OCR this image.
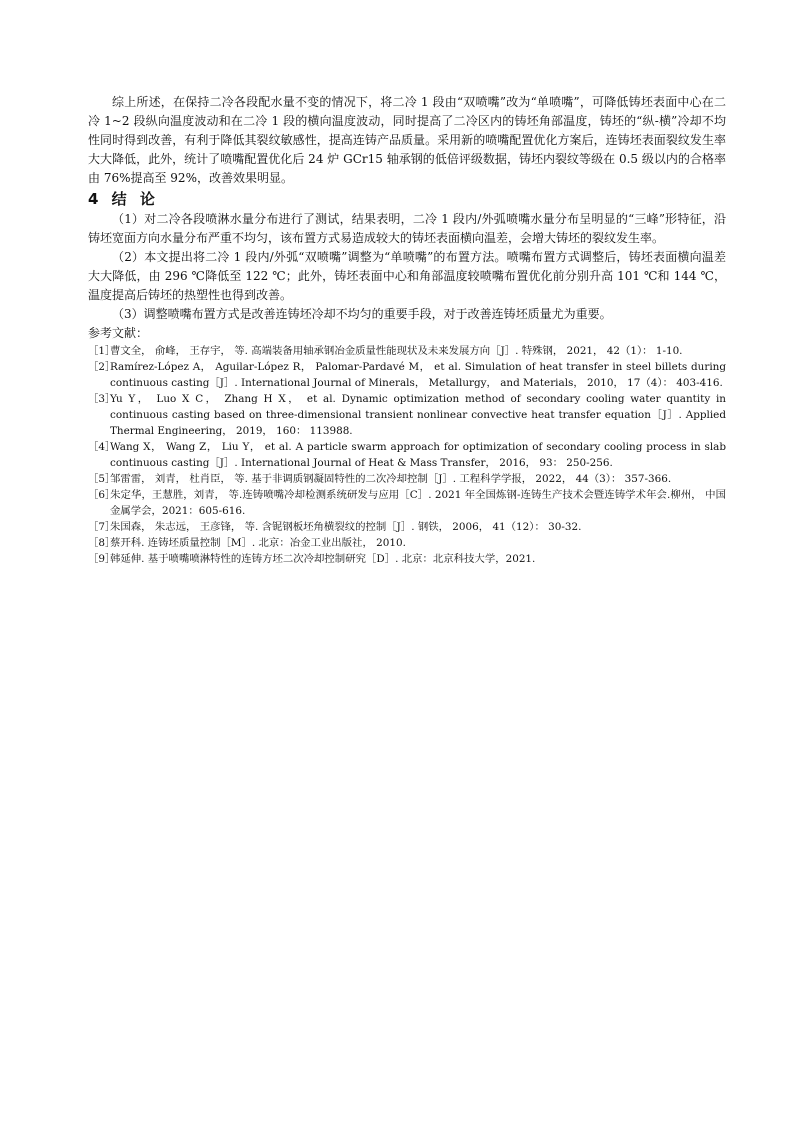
综上所述，在保持二冷各段配水量不变的情况下，将二冷 1 段由“双喷嘴”改为“单喷嘴”，可降低铸坯表面中心在二冷 1~2 段纵向温度波动和在二冷 1 段的横向温度波动，同时提高了二冷区内的铸坯角部温度，铸坯的“纵-横”冷却不均性同时得到改善，有利于降低其裂纹敏感性，提高连铸产品质量。采用新的喷嘴配置优化方案后，连铸坯表面裂纹发生率大大降低，此外，统计了喷嘴配置优化后 24 炉 GCr15 轴承钢的低倍评级数据，铸坯内裂纹等级在 0.5 级以内的合格率由 76%提高至 92%，改善效果明显。

4 结 论

（1）对二冷各段喷淋水量分布进行了测试，结果表明，二冷 1 段内/外弧喷嘴水量分布呈明显的“三峰”形特征，沿铸坯宽面方向水量分布严重不均匀，该布置方式易造成较大的铸坯表面横向温差，会增大铸坯的裂纹发生率。

（2）本文提出将二冷 1 段内/外弧“双喷嘴”调整为“单喷嘴”的布置方法。喷嘴布置方式调整后，铸坯表面横向温差大大降低，由 296 ℃降低至 122 ℃；此外，铸坯表面中心和角部温度较喷嘴布置优化前分别升高 101 ℃和 144 ℃，温度提高后铸坯的热塑性也得到改善。

（3）调整喷嘴布置方式是改善连铸坯冷却不均匀的重要手段，对于改善连铸坯质量尤为重要。

参考文献：
［1］曹文全， 俞峰， 王存宇， 等. 高端装备用轴承钢冶金质量性能现状及未来发展方向［J］. 特殊钢， 2021， 42（1）： 1-10.
［2］Ramírez-López A， Aguilar-López R， Palomar-Pardavé M， et al. Simulation of heat transfer in steel billets during continuous casting［J］. International Journal of Minerals， Metallurgy， and Materials， 2010， 17（4）： 403-416.
［3］Yu Y， Luo X C， Zhang H X， et al. Dynamic optimization method of secondary cooling water quantity in continuous casting based on three-dimensional transient nonlinear convective heat transfer equation［J］. Applied Thermal Engineering， 2019， 160： 113988.
［4］Wang X， Wang Z， Liu Y， et al. A particle swarm approach for optimization of secondary cooling process in slab continuous casting［J］. International Journal of Heat & Mass Transfer， 2016， 93： 250-256.
［5］邹雷雷， 刘青， 杜肖臣， 等. 基于非调质钢凝固特性的二次冷却控制［J］. 工程科学学报， 2022， 44（3）： 357-366.
［6］朱定华，王慧胜，刘青， 等.连铸喷嘴冷却检测系统研发与应用［C］. 2021 年全国炼钢-连铸生产技术会暨连铸学术年会.柳州， 中国金属学会，2021：605-616.
［7］朱国森， 朱志远， 王彦锋， 等. 含铌钢板坯角横裂纹的控制［J］. 钢铁， 2006， 41（12）： 30-32.
［8］蔡开科. 连铸坯质量控制［M］. 北京：冶金工业出版社， 2010.
［9］韩延伸. 基于喷嘴喷淋特性的连铸方坯二次冷却控制研究［D］. 北京：北京科技大学，2021.
